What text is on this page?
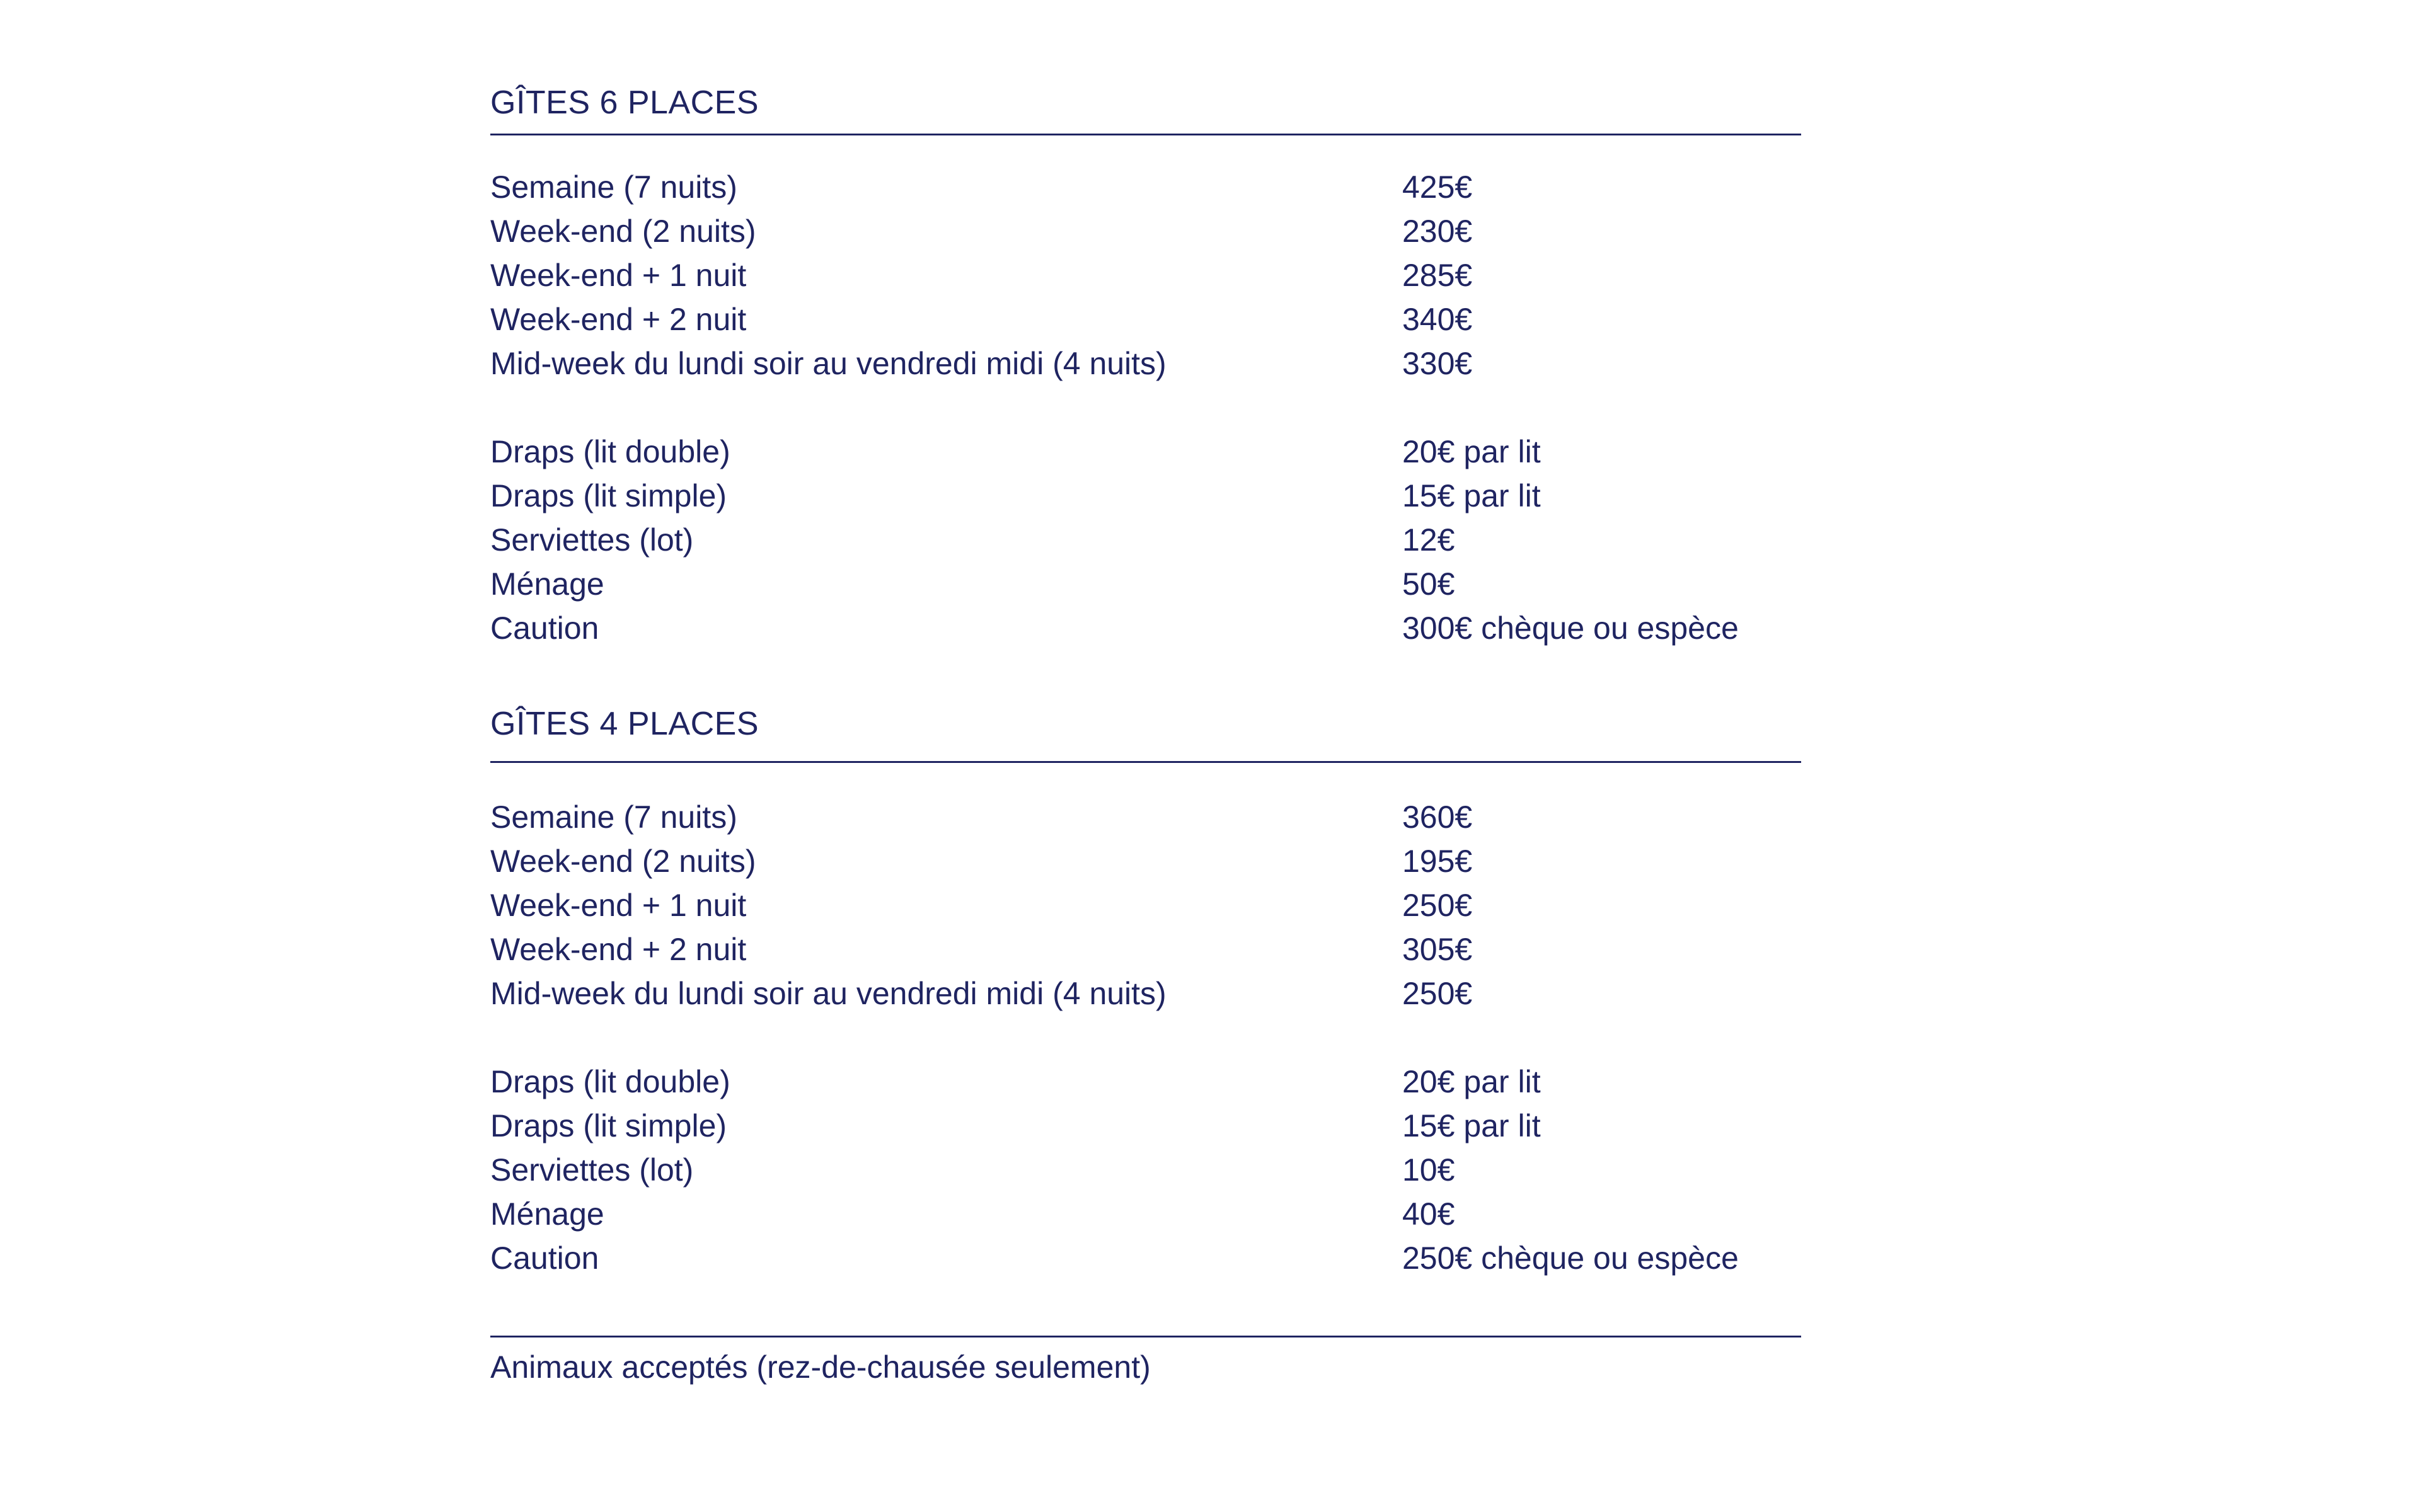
GÎTES 6 PLACES
Semaine (7 nuits)	425€
Week-end (2 nuits)	230€
Week-end + 1 nuit	285€
Week-end + 2 nuit	340€
Mid-week du lundi soir au vendredi midi (4 nuits)	330€
Draps (lit double)	20€ par lit
Draps (lit simple)	15€ par lit
Serviettes (lot)	12€
Ménage	50€
Caution	300€ chèque ou espèce
GÎTES 4 PLACES
Semaine (7 nuits)	360€
Week-end (2 nuits)	195€
Week-end + 1 nuit	250€
Week-end + 2 nuit	305€
Mid-week du lundi soir au vendredi midi (4 nuits)	250€
Draps (lit double)	20€ par lit
Draps (lit simple)	15€ par lit
Serviettes (lot)	10€
Ménage	40€
Caution	250€ chèque ou espèce
Animaux acceptés (rez-de-chausée seulement)
